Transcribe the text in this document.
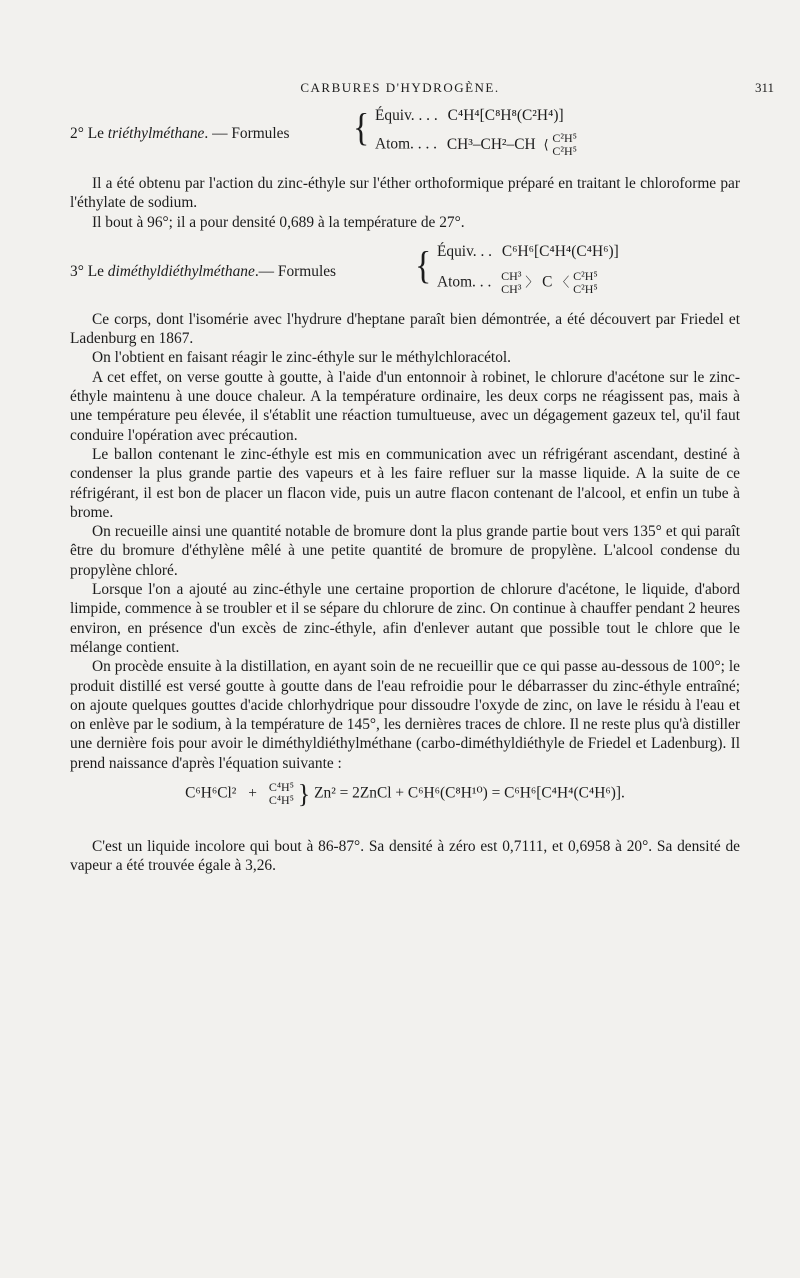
CARBURES D'HYDROGÈNE.	311
2° Le triéthylméthane. — Formules { Équiv. . . . C⁴H⁴[C⁸H⁸(C²H⁴)]
Atom. . . . CH³–CH²–CH ⟨ C²H⁵
C²H⁵

Il a été obtenu par l'action du zinc-éthyle sur l'éther orthoformique préparé en traitant le chloroforme par l'éthylate de sodium.

Il bout à 96°; il a pour densité 0,689 à la température de 27°.

3° Le diméthyldiéthylméthane.— Formules { Équiv. . . C⁶H⁶[C⁴H⁴(C⁴H⁶)]
Atom. . . CH³
CH³ 〉 C 〈 C²H⁵
C²H⁵

Ce corps, dont l'isomérie avec l'hydrure d'heptane paraît bien démontrée, a été découvert par Friedel et Ladenburg en 1867.

On l'obtient en faisant réagir le zinc-éthyle sur le méthylchloracétol.

A cet effet, on verse goutte à goutte, à l'aide d'un entonnoir à robinet, le chlorure d'acétone sur le zinc-éthyle maintenu à une douce chaleur. A la température ordinaire, les deux corps ne réagissent pas, mais à une température peu élevée, il s'établit une réaction tumultueuse, avec un dégagement gazeux tel, qu'il faut conduire l'opération avec précaution.

Le ballon contenant le zinc-éthyle est mis en communication avec un réfrigérant ascendant, destiné à condenser la plus grande partie des vapeurs et à les faire refluer sur la masse liquide. A la suite de ce réfrigérant, il est bon de placer un flacon vide, puis un autre flacon contenant de l'alcool, et enfin un tube à brome.

On recueille ainsi une quantité notable de bromure dont la plus grande partie bout vers 135° et qui paraît être du bromure d'éthylène mêlé à une petite quantité de bromure de propylène. L'alcool condense du propylène chloré.

Lorsque l'on a ajouté au zinc-éthyle une certaine proportion de chlorure d'acétone, le liquide, d'abord limpide, commence à se troubler et il se sépare du chlorure de zinc. On continue à chauffer pendant 2 heures environ, en présence d'un excès de zinc-éthyle, afin d'enlever autant que possible tout le chlore que le mélange contient.

On procède ensuite à la distillation, en ayant soin de ne recueillir que ce qui passe au-dessous de 100°; le produit distillé est versé goutte à goutte dans de l'eau refroidie pour le débarrasser du zinc-éthyle entraîné; on ajoute quelques gouttes d'acide chlorhydrique pour dissoudre l'oxyde de zinc, on lave le résidu à l'eau et on enlève par le sodium, à la température de 145°, les dernières traces de chlore. Il ne reste plus qu'à distiller une dernière fois pour avoir le diméthyldiéthylméthane (carbo-diméthyldiéthyle de Friedel et Ladenburg). Il prend naissance d'après l'équation suivante :

C⁶H⁶Cl² + C⁴H⁵
C⁴H⁵ } Zn² = 2ZnCl + C⁶H⁶(C⁸H¹⁰) = C⁶H⁶[C⁴H⁴(C⁴H⁶)].

C'est un liquide incolore qui bout à 86-87°. Sa densité à zéro est 0,7111, et 0,6958 à 20°. Sa densité de vapeur a été trouvée égale à 3,26.
